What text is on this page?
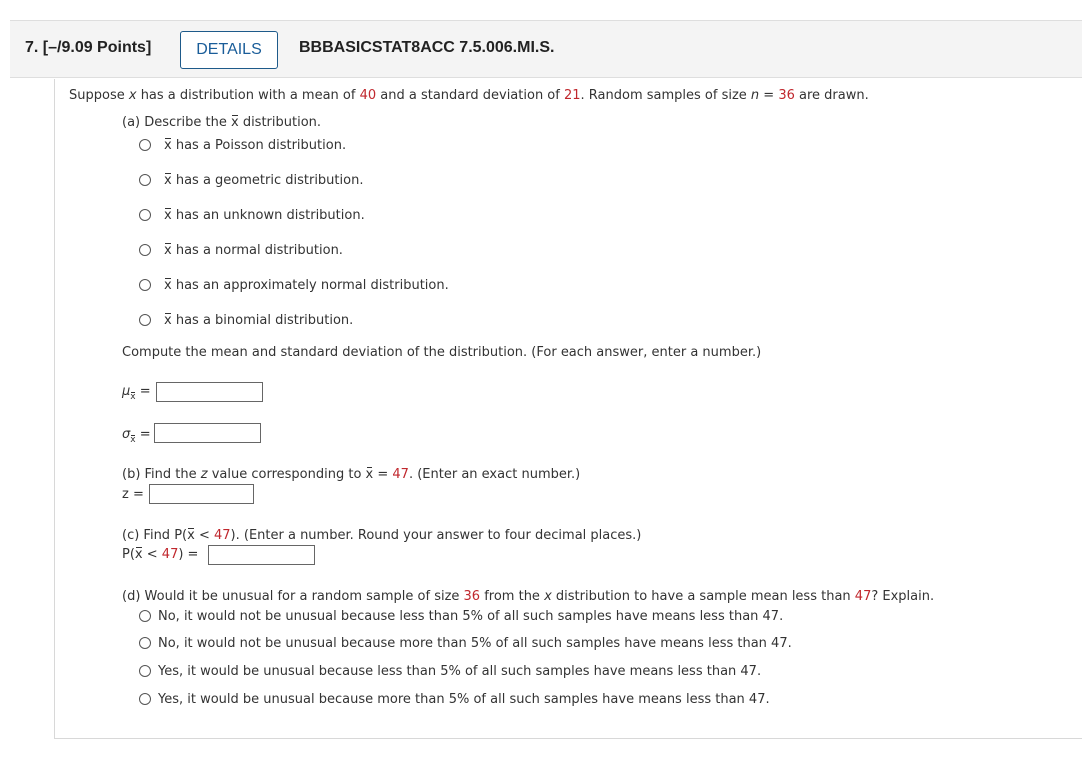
7. [–/9.09 Points]	DETAILS	BBBASICSTAT8ACC 7.5.006.MI.S.
Suppose x has a distribution with a mean of 40 and a standard deviation of 21. Random samples of size n = 36 are drawn.
(a) Describe the x distribution.
x has a Poisson distribution.
x has a geometric distribution.
x has an unknown distribution.
x has a normal distribution.
x has an approximately normal distribution.
x has a binomial distribution.
Compute the mean and standard deviation of the distribution. (For each answer, enter a number.)
$\mu_x$ =
$\sigma_x$ =
(b) Find the z value corresponding to x = 47. (Enter an exact number.)
z =
(c) Find P(x < 47). (Enter a number. Round your answer to four decimal places.)
P(x < 47) =
(d) Would it be unusual for a random sample of size 36 from the x distribution to have a sample mean less than 47? Explain.
No, it would not be unusual because less than 5% of all such samples have means less than 47.
No, it would not be unusual because more than 5% of all such samples have means less than 47.
Yes, it would be unusual because less than 5% of all such samples have means less than 47.
Yes, it would be unusual because more than 5% of all such samples have means less than 47.
